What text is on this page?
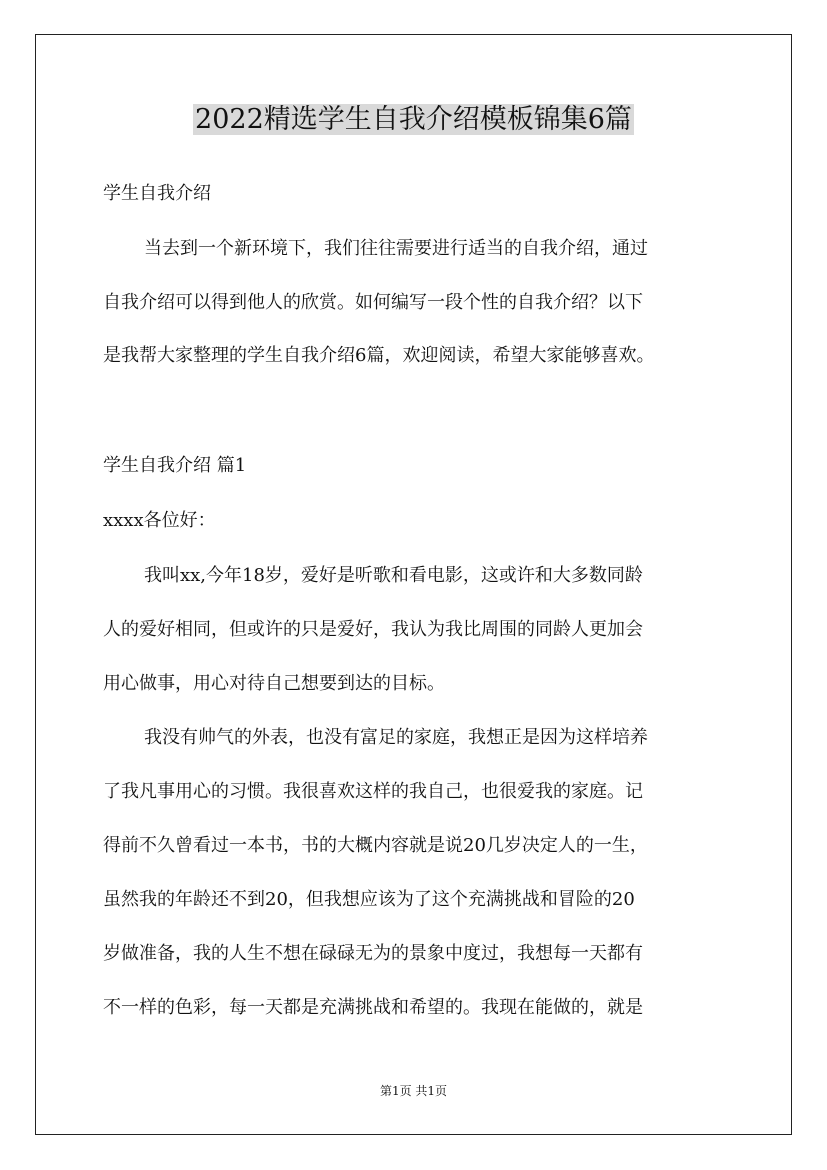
2022精选学生自我介绍模板锦集6篇
学生自我介绍
当去到一个新环境下，我们往往需要进行适当的自我介绍，通过
自我介绍可以得到他人的欣赏。如何编写一段个性的自我介绍？以下
是我帮大家整理的学生自我介绍6篇，欢迎阅读，希望大家能够喜欢。
学生自我介绍 篇1
xxxx各位好：
我叫xx,今年18岁，爱好是听歌和看电影，这或许和大多数同龄
人的爱好相同，但或许的只是爱好，我认为我比周围的同龄人更加会
用心做事，用心对待自己想要到达的目标。
我没有帅气的外表，也没有富足的家庭，我想正是因为这样培养
了我凡事用心的习惯。我很喜欢这样的我自己，也很爱我的家庭。记
得前不久曾看过一本书，书的大概内容就是说20几岁决定人的一生，
虽然我的年龄还不到20，但我想应该为了这个充满挑战和冒险的20
岁做准备，我的人生不想在碌碌无为的景象中度过，我想每一天都有
不一样的色彩，每一天都是充满挑战和希望的。我现在能做的，就是
第1页 共1页
